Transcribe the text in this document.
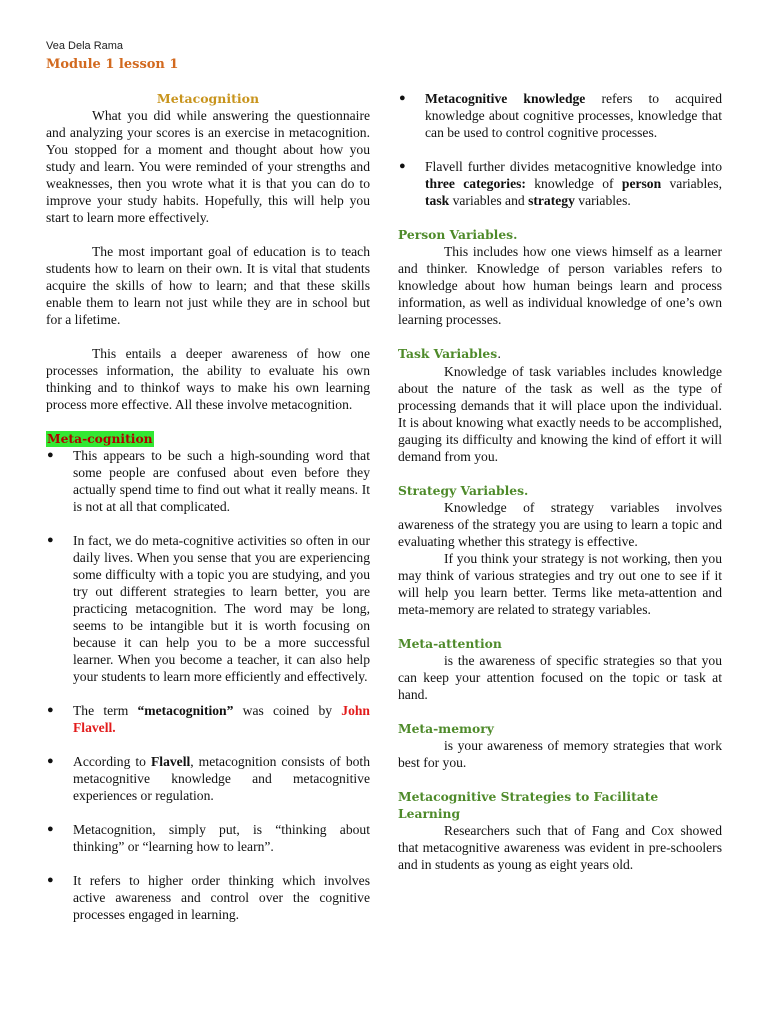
Vea Dela Rama
Module 1 lesson 1
Metacognition

What you did while answering the questionnaire and analyzing your scores is an exercise in metacognition. You stopped for a moment and thought about how you study and learn. You were reminded of your strengths and weaknesses, then you wrote what it is that you can do to improve your study habits. Hopefully, this will help you start to learn more effectively.

The most important goal of education is to teach students how to learn on their own. It is vital that students acquire the skills of how to learn; and that these skills enable them to learn not just while they are in school but for a lifetime.

This entails a deeper awareness of how one processes information, the ability to evaluate his own thinking and to thinkof ways to make his own learning process more effective. All these involve metacognition.

Meta-cognition

● This appears to be such a high-sounding word that some people are confused about even before they actually spend time to find out what it really means. It is not at all that complicated.

● In fact, we do meta-cognitive activities so often in our daily lives. When you sense that you are experiencing some difficulty with a topic you are studying, and you try out different strategies to learn better, you are practicing metacognition. The word may be long, seems to be intangible but it is worth focusing on because it can help you to be a more successful learner. When you become a teacher, it can also help your students to learn more efficiently and effectively.

● The term “metacognition” was coined by John Flavell.

● According to Flavell, metacognition consists of both metacognitive knowledge and metacognitive experiences or regulation.

● Metacognition, simply put, is “thinking about thinking” or “learning how to learn”.

● It refers to higher order thinking which involves active awareness and control over the cognitive processes engaged in learning.

● Metacognitive knowledge refers to acquired knowledge about cognitive processes, knowledge that can be used to control cognitive processes.

● Flavell further divides metacognitive knowledge into three categories: knowledge of person variables, task variables and strategy variables.

Person Variables.

This includes how one views himself as a learner and thinker. Knowledge of person variables refers to knowledge about how human beings learn and process information, as well as individual knowledge of one’s own learning processes.

Task Variables.

Knowledge of task variables includes knowledge about the nature of the task as well as the type of processing demands that it will place upon the individual. It is about knowing what exactly needs to be accomplished, gauging its difficulty and knowing the kind of effort it will demand from you.

Strategy Variables.

Knowledge of strategy variables involves awareness of the strategy you are using to learn a topic and evaluating whether this strategy is effective.

If you think your strategy is not working, then you may think of various strategies and try out one to see if it will help you learn better. Terms like meta-attention and meta-memory are related to strategy variables.

Meta-attention

is the awareness of specific strategies so that you can keep your attention focused on the topic or task at hand.

Meta-memory

is your awareness of memory strategies that work best for you.

Metacognitive Strategies to Facilitate Learning

Researchers such that of Fang and Cox showed that metacognitive awareness was evident in pre-schoolers and in students as young as eight years old.
